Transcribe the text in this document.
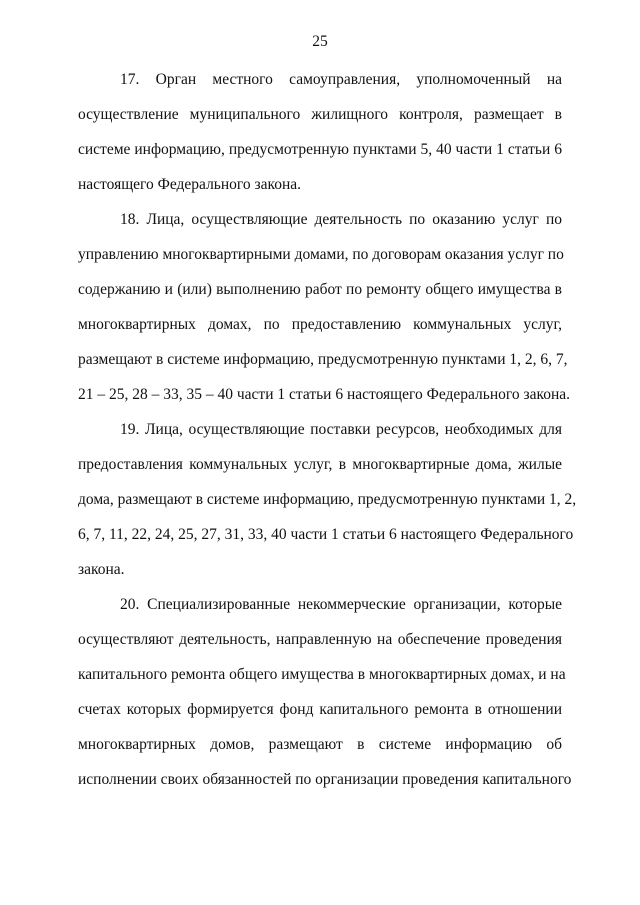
25
17. Орган местного самоуправления, уполномоченный на
осуществление муниципального жилищного контроля, размещает в
системе информацию, предусмотренную пунктами 5, 40 части 1 статьи 6
настоящего Федерального закона.
18. Лица, осуществляющие деятельность по оказанию услуг по
управлению многоквартирными домами, по договорам оказания услуг по
содержанию и (или) выполнению работ по ремонту общего имущества в
многоквартирных домах, по предоставлению коммунальных услуг,
размещают в системе информацию, предусмотренную пунктами 1, 2, 6, 7,
21 – 25, 28 – 33, 35 – 40 части 1 статьи 6 настоящего Федерального закона.
19. Лица, осуществляющие поставки ресурсов, необходимых для
предоставления коммунальных услуг, в многоквартирные дома, жилые
дома, размещают в системе информацию, предусмотренную пунктами 1, 2,
6, 7, 11, 22, 24, 25, 27, 31, 33, 40 части 1 статьи 6 настоящего Федерального
закона.
20. Специализированные некоммерческие организации, которые
осуществляют деятельность, направленную на обеспечение проведения
капитального ремонта общего имущества в многоквартирных домах, и на
счетах которых формируется фонд капитального ремонта в отношении
многоквартирных домов, размещают в системе информацию об
исполнении своих обязанностей по организации проведения капитального
